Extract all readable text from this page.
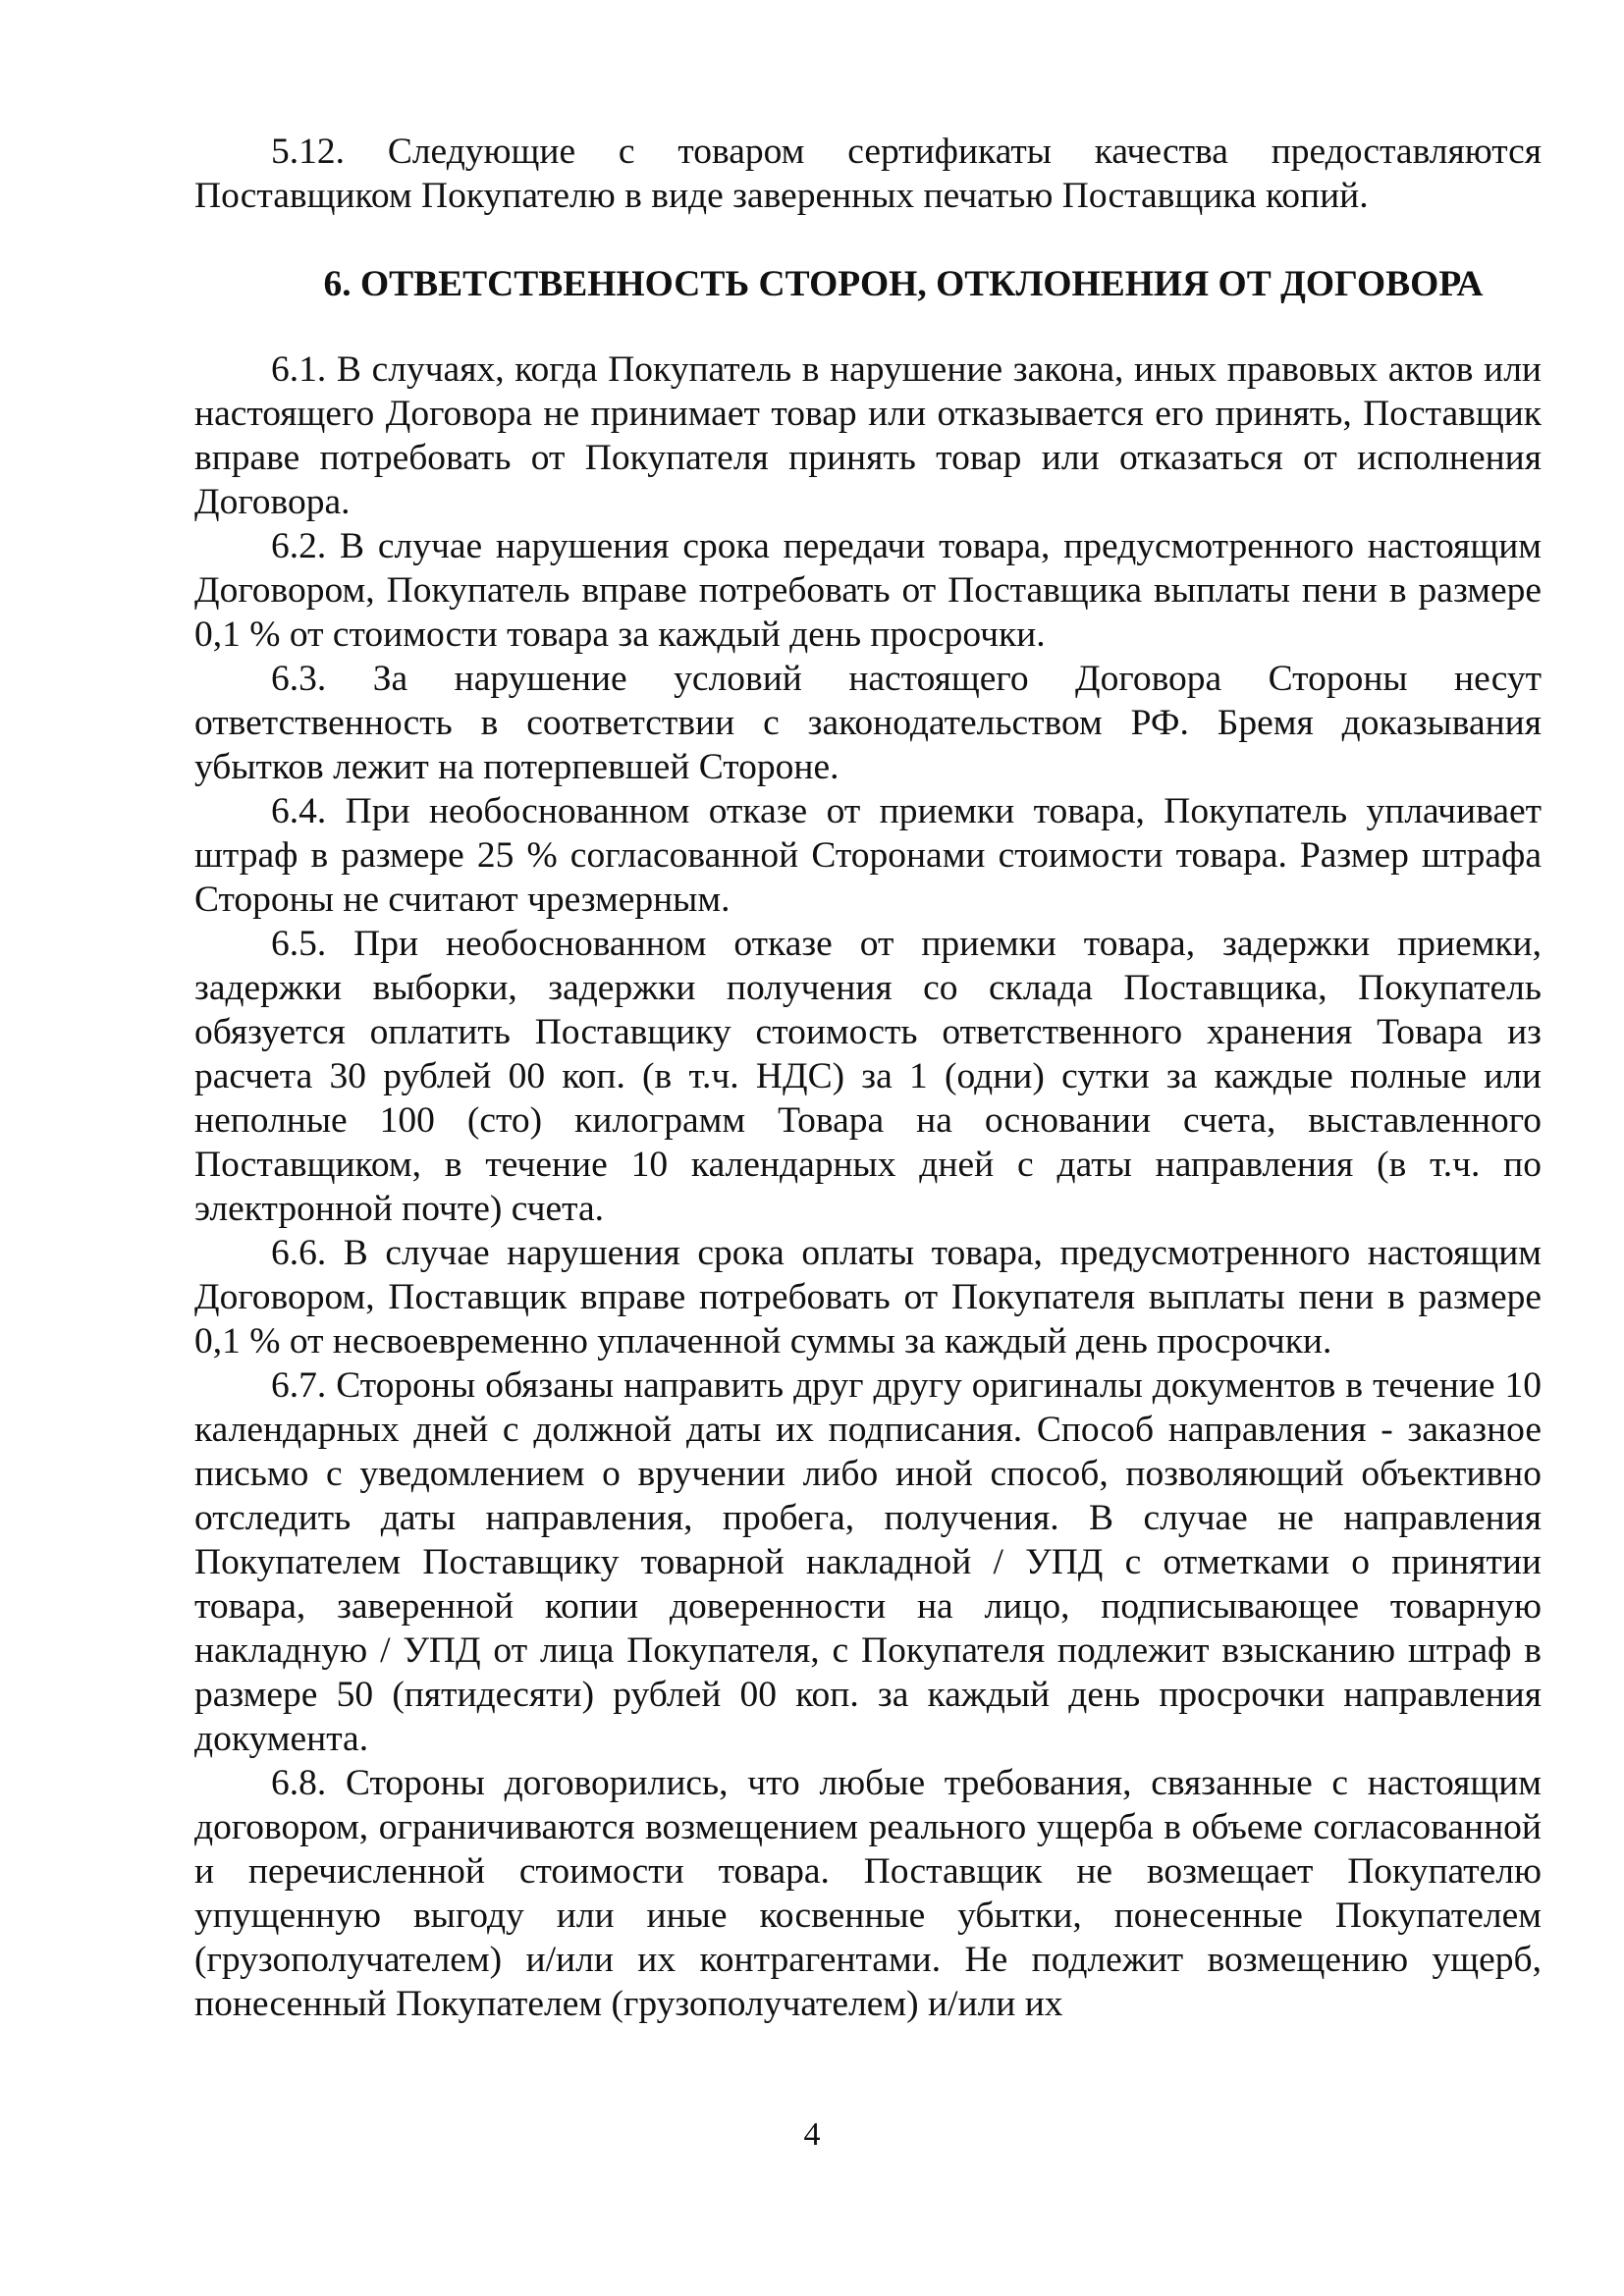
5.12. Следующие с товаром сертификаты качества предоставляются Поставщиком Покупателю в виде заверенных печатью Поставщика копий.

6. ОТВЕТСТВЕННОСТЬ СТОРОН, ОТКЛОНЕНИЯ ОТ ДОГОВОРА

6.1. В случаях, когда Покупатель в нарушение закона, иных правовых актов или настоящего Договора не принимает товар или отказывается его принять, Поставщик вправе потребовать от Покупателя принять товар или отказаться от исполнения Договора.

6.2. В случае нарушения срока передачи товара, предусмотренного настоящим Договором, Покупатель вправе потребовать от Поставщика выплаты пени в размере 0,1 % от стоимости товара за каждый день просрочки.

6.3. За нарушение условий настоящего Договора Стороны несут ответственность в соответствии с законодательством РФ. Бремя доказывания убытков лежит на потерпевшей Стороне.

6.4. При необоснованном отказе от приемки товара, Покупатель уплачивает штраф в размере 25 % согласованной Сторонами стоимости товара. Размер штрафа Стороны не считают чрезмерным.

6.5. При необоснованном отказе от приемки товара, задержки приемки, задержки выборки, задержки получения со склада Поставщика, Покупатель обязуется оплатить Поставщику стоимость ответственного хранения Товара из расчета 30 рублей 00 коп. (в т.ч. НДС) за 1 (одни) сутки за каждые полные или неполные 100 (сто) килограмм Товара на основании счета, выставленного Поставщиком, в течение 10 календарных дней с даты направления (в т.ч. по электронной почте) счета.

6.6. В случае нарушения срока оплаты товара, предусмотренного настоящим Договором, Поставщик вправе потребовать от Покупателя выплаты пени в размере 0,1 % от несвоевременно уплаченной суммы за каждый день просрочки.

6.7. Стороны обязаны направить друг другу оригиналы документов в течение 10 календарных дней с должной даты их подписания. Способ направления - заказное письмо с уведомлением о вручении либо иной способ, позволяющий объективно отследить даты направления, пробега, получения. В случае не направления Покупателем Поставщику товарной накладной / УПД с отметками о принятии товара, заверенной копии доверенности на лицо, подписывающее товарную накладную / УПД от лица Покупателя, с Покупателя подлежит взысканию штраф в размере 50 (пятидесяти) рублей 00 коп. за каждый день просрочки направления документа.

6.8. Стороны договорились, что любые требования, связанные с настоящим договором, ограничиваются возмещением реального ущерба в объеме согласованной и перечисленной стоимости товара. Поставщик не возмещает Покупателю упущенную выгоду или иные косвенные убытки, понесенные Покупателем (грузополучателем) и/или их контрагентами. Не подлежит возмещению ущерб, понесенный Покупателем (грузополучателем) и/или их

4
